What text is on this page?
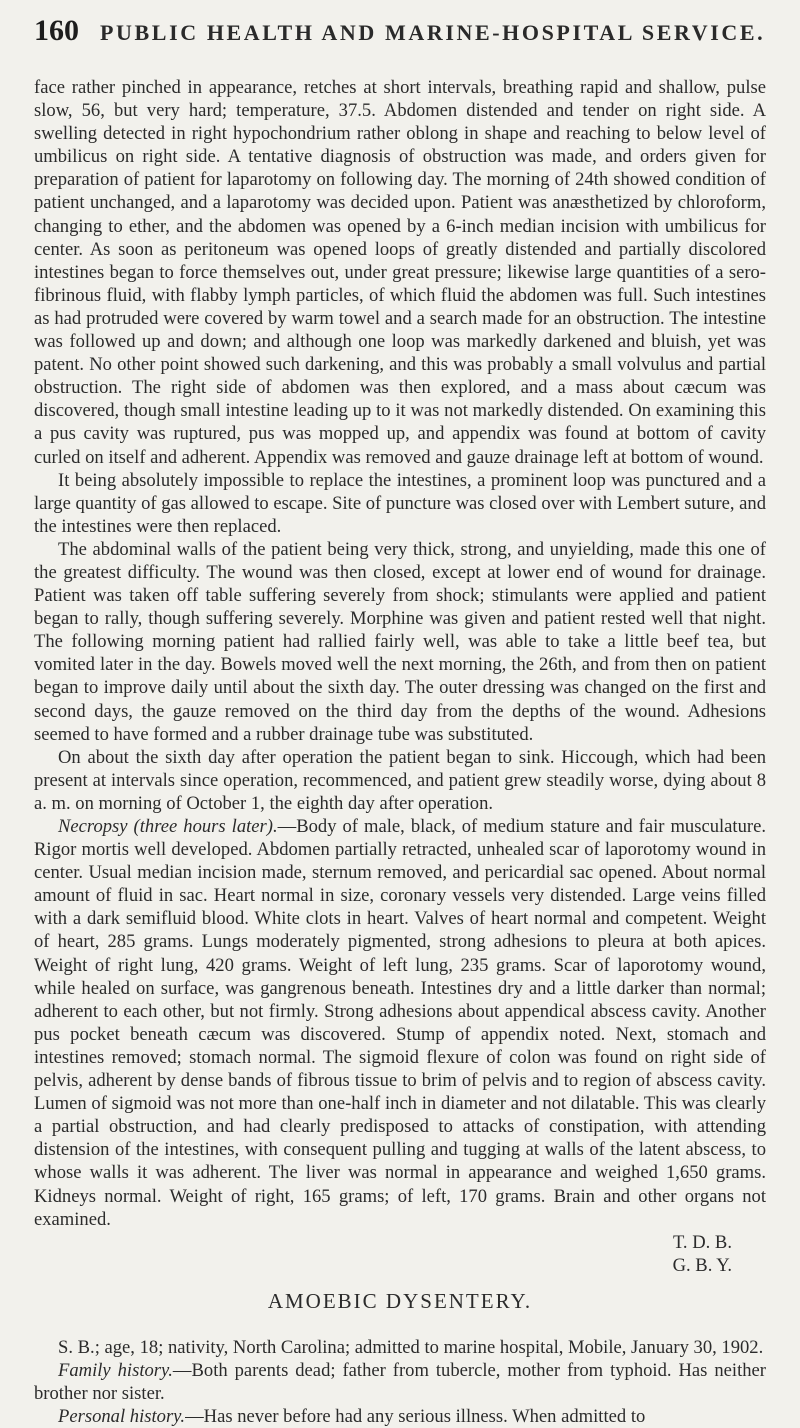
160 PUBLIC HEALTH AND MARINE-HOSPITAL SERVICE.

face rather pinched in appearance, retches at short intervals, breathing rapid and shallow, pulse slow, 56, but very hard; temperature, 37.5. Abdomen distended and tender on right side. A swelling detected in right hypochondrium rather oblong in shape and reaching to below level of umbilicus on right side. A tentative diagnosis of obstruction was made, and orders given for preparation of patient for laparotomy on following day. The morning of 24th showed condition of patient unchanged, and a laparotomy was decided upon. Patient was anæsthetized by chloroform, changing to ether, and the abdomen was opened by a 6-inch median incision with umbilicus for center. As soon as peritoneum was opened loops of greatly distended and partially discolored intestines began to force themselves out, under great pressure; likewise large quantities of a sero-fibrinous fluid, with flabby lymph particles, of which fluid the abdomen was full. Such intestines as had protruded were covered by warm towel and a search made for an obstruction. The intestine was followed up and down; and although one loop was markedly darkened and bluish, yet was patent. No other point showed such darkening, and this was probably a small volvulus and partial obstruction. The right side of abdomen was then explored, and a mass about cæcum was discovered, though small intestine leading up to it was not markedly distended. On examining this a pus cavity was ruptured, pus was mopped up, and appendix was found at bottom of cavity curled on itself and adherent. Appendix was removed and gauze drainage left at bottom of wound.

It being absolutely impossible to replace the intestines, a prominent loop was punctured and a large quantity of gas allowed to escape. Site of puncture was closed over with Lembert suture, and the intestines were then replaced.

The abdominal walls of the patient being very thick, strong, and unyielding, made this one of the greatest difficulty. The wound was then closed, except at lower end of wound for drainage. Patient was taken off table suffering severely from shock; stimulants were applied and patient began to rally, though suffering severely. Morphine was given and patient rested well that night. The following morning patient had rallied fairly well, was able to take a little beef tea, but vomited later in the day. Bowels moved well the next morning, the 26th, and from then on patient began to improve daily until about the sixth day. The outer dressing was changed on the first and second days, the gauze removed on the third day from the depths of the wound. Adhesions seemed to have formed and a rubber drainage tube was substituted.

On about the sixth day after operation the patient began to sink. Hiccough, which had been present at intervals since operation, recommenced, and patient grew steadily worse, dying about 8 a. m. on morning of October 1, the eighth day after operation.

Necropsy (three hours later).—Body of male, black, of medium stature and fair musculature. Rigor mortis well developed. Abdomen partially retracted, unhealed scar of laporotomy wound in center. Usual median incision made, sternum removed, and pericardial sac opened. About normal amount of fluid in sac. Heart normal in size, coronary vessels very distended. Large veins filled with a dark semifluid blood. White clots in heart. Valves of heart normal and competent. Weight of heart, 285 grams. Lungs moderately pigmented, strong adhesions to pleura at both apices. Weight of right lung, 420 grams. Weight of left lung, 235 grams. Scar of laporotomy wound, while healed on surface, was gangrenous beneath. Intestines dry and a little darker than normal; adherent to each other, but not firmly. Strong adhesions about appendical abscess cavity. Another pus pocket beneath cæcum was discovered. Stump of appendix noted. Next, stomach and intestines removed; stomach normal. The sigmoid flexure of colon was found on right side of pelvis, adherent by dense bands of fibrous tissue to brim of pelvis and to region of abscess cavity. Lumen of sigmoid was not more than one-half inch in diameter and not dilatable. This was clearly a partial obstruction, and had clearly predisposed to attacks of constipation, with attending distension of the intestines, with consequent pulling and tugging at walls of the latent abscess, to whose walls it was adherent. The liver was normal in appearance and weighed 1,650 grams. Kidneys normal. Weight of right, 165 grams; of left, 170 grams. Brain and other organs not examined.

T. D. B.
G. B. Y.
AMOEBIC DYSENTERY.

S. B.; age, 18; nativity, North Carolina; admitted to marine hospital, Mobile, January 30, 1902.

Family history.—Both parents dead; father from tubercle, mother from typhoid. Has neither brother nor sister.

Personal history.—Has never before had any serious illness. When admitted to
